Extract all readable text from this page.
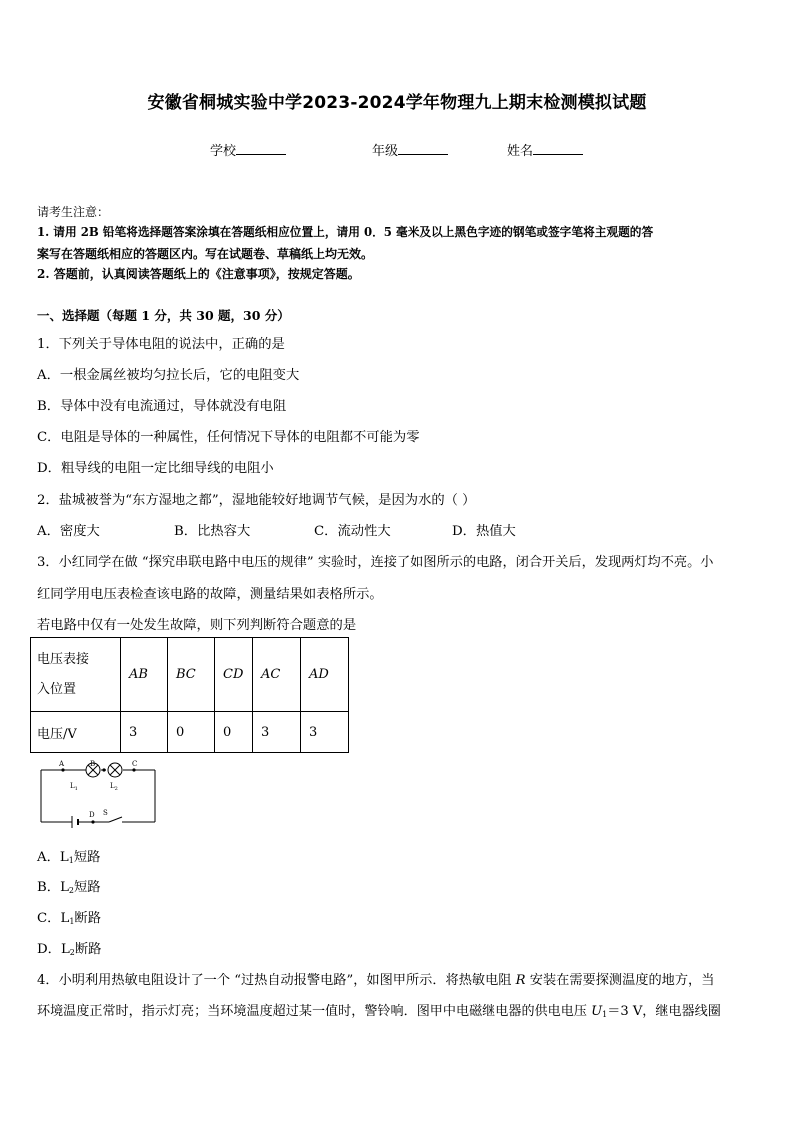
安徽省桐城实验中学2023-2024学年物理九上期末检测模拟试题
学校	年级	姓名
请考生注意：
1. 请用 2B 铅笔将选择题答案涂填在答题纸相应位置上，请用 0．5 毫米及以上黑色字迹的钢笔或签字笔将主观题的答
案写在答题纸相应的答题区内。写在试题卷、草稿纸上均无效。
2. 答题前，认真阅读答题纸上的《注意事项》，按规定答题。
一、选择题（每题 1 分，共 30 题，30 分）
1．下列关于导体电阻的说法中，正确的是
A．一根金属丝被均匀拉长后，它的电阻变大
B．导体中没有电流通过，导体就没有电阻
C．电阻是导体的一种属性，任何情况下导体的电阻都不可能为零
D．粗导线的电阻一定比细导线的电阻小
2．盐城被誉为“东方湿地之都”，湿地能较好地调节气候，是因为水的（ ）
A．密度大	B．比热容大	C．流动性大	D．热值大
3．小红同学在做 “探究串联电路中电压的规律” 实验时，连接了如图所示的电路，闭合开关后，发现两灯均不亮。小
红同学用电压表检查该电路的故障，测量结果如表格所示。
若电路中仅有一处发生故障，则下列判断符合题意的是
电压表接
入位置	AB	BC	CD	AC	AD
电压/V	3	0	0	3	3
A	B	C
$L_1$	$L_2$
D S
A．$L_1$短路
B．$L_2$短路
C．$L_1$断路
D．$L_2$断路
4．小明利用热敏电阻设计了一个 “过热自动报警电路”，如图甲所示．将热敏电阻 R 安装在需要探测温度的地方，当
环境温度正常时，指示灯亮；当环境温度超过某一值时，警铃响．图甲中电磁继电器的供电电压 $U_1=3$ V，继电器线圈
